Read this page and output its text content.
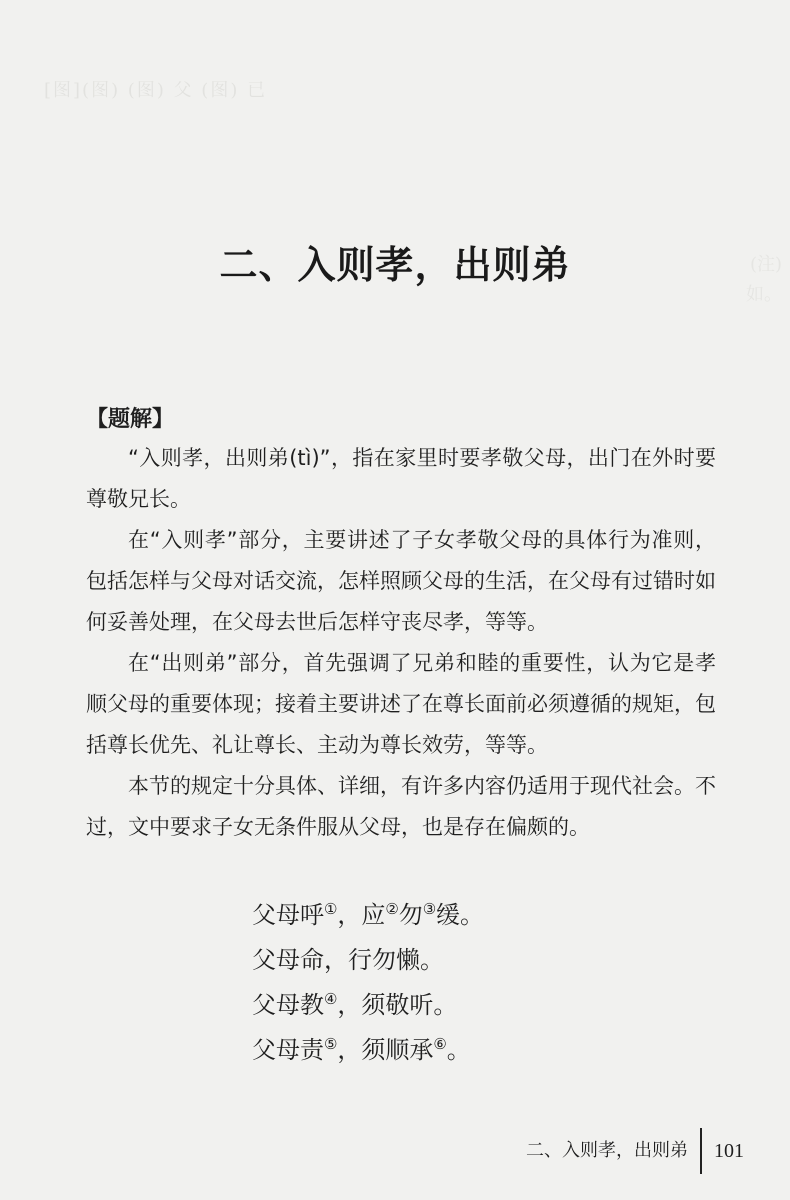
[图](图) (图) 父 (图) 已
(注)
如。
二、入则孝，出则弟
【题解】

“入则孝，出则弟(tì)”，指在家里时要孝敬父母，出门在外时要尊敬兄长。

在“入则孝”部分，主要讲述了子女孝敬父母的具体行为准则，包括怎样与父母对话交流，怎样照顾父母的生活，在父母有过错时如何妥善处理，在父母去世后怎样守丧尽孝，等等。

在“出则弟”部分，首先强调了兄弟和睦的重要性，认为它是孝顺父母的重要体现；接着主要讲述了在尊长面前必须遵循的规矩，包括尊长优先、礼让尊长、主动为尊长效劳，等等。

本节的规定十分具体、详细，有许多内容仍适用于现代社会。不过，文中要求子女无条件服从父母，也是存在偏颇的。

父母呼①，应②勿③缓。
父母命，行勿懒。
父母教④，须敬听。
父母责⑤，须顺承⑥。
二、入则孝，出则弟 101
